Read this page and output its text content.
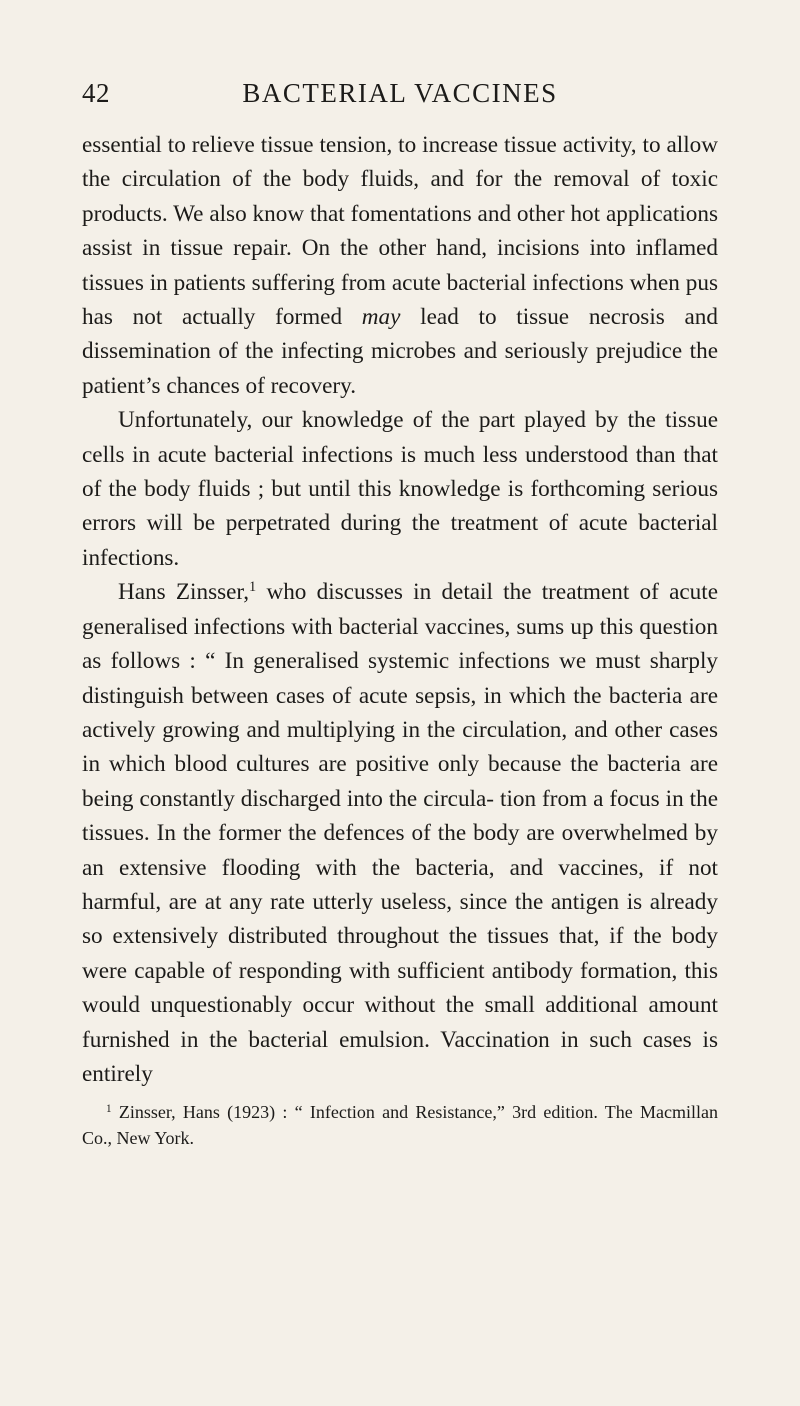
42	BACTERIAL VACCINES

essential to relieve tissue tension, to increase tissue activity, to allow the circulation of the body fluids, and for the removal of toxic products. We also know that fomentations and other hot applications assist in tissue repair. On the other hand, incisions into inflamed tissues in patients suffering from acute bacterial infections when pus has not actually formed may lead to tissue necrosis and dissemination of the infecting microbes and seriously prejudice the patient’s chances of recovery.

Unfortunately, our knowledge of the part played by the tissue cells in acute bacterial infections is much less understood than that of the body fluids ; but until this knowledge is forthcoming serious errors will be perpetrated during the treatment of acute bacterial infections.

Hans Zinsser,$^1$ who discusses in detail the treatment of acute generalised infections with bacterial vaccines, sums up this question as follows : “ In generalised systemic infections we must sharply distinguish between cases of acute sepsis, in which the bacteria are actively growing and multiplying in the circulation, and other cases in which blood cultures are positive only because the bacteria are being constantly discharged into the circula- tion from a focus in the tissues. In the former the defences of the body are overwhelmed by an extensive flooding with the bacteria, and vaccines, if not harmful, are at any rate utterly useless, since the antigen is already so extensively distributed throughout the tissues that, if the body were capable of responding with sufficient antibody formation, this would unquestionably occur without the small additional amount furnished in the bacterial emulsion. Vaccination in such cases is entirely

$^1$ Zinsser, Hans (1923) : “ Infection and Resistance,” 3rd edition. The Macmillan Co., New York.
